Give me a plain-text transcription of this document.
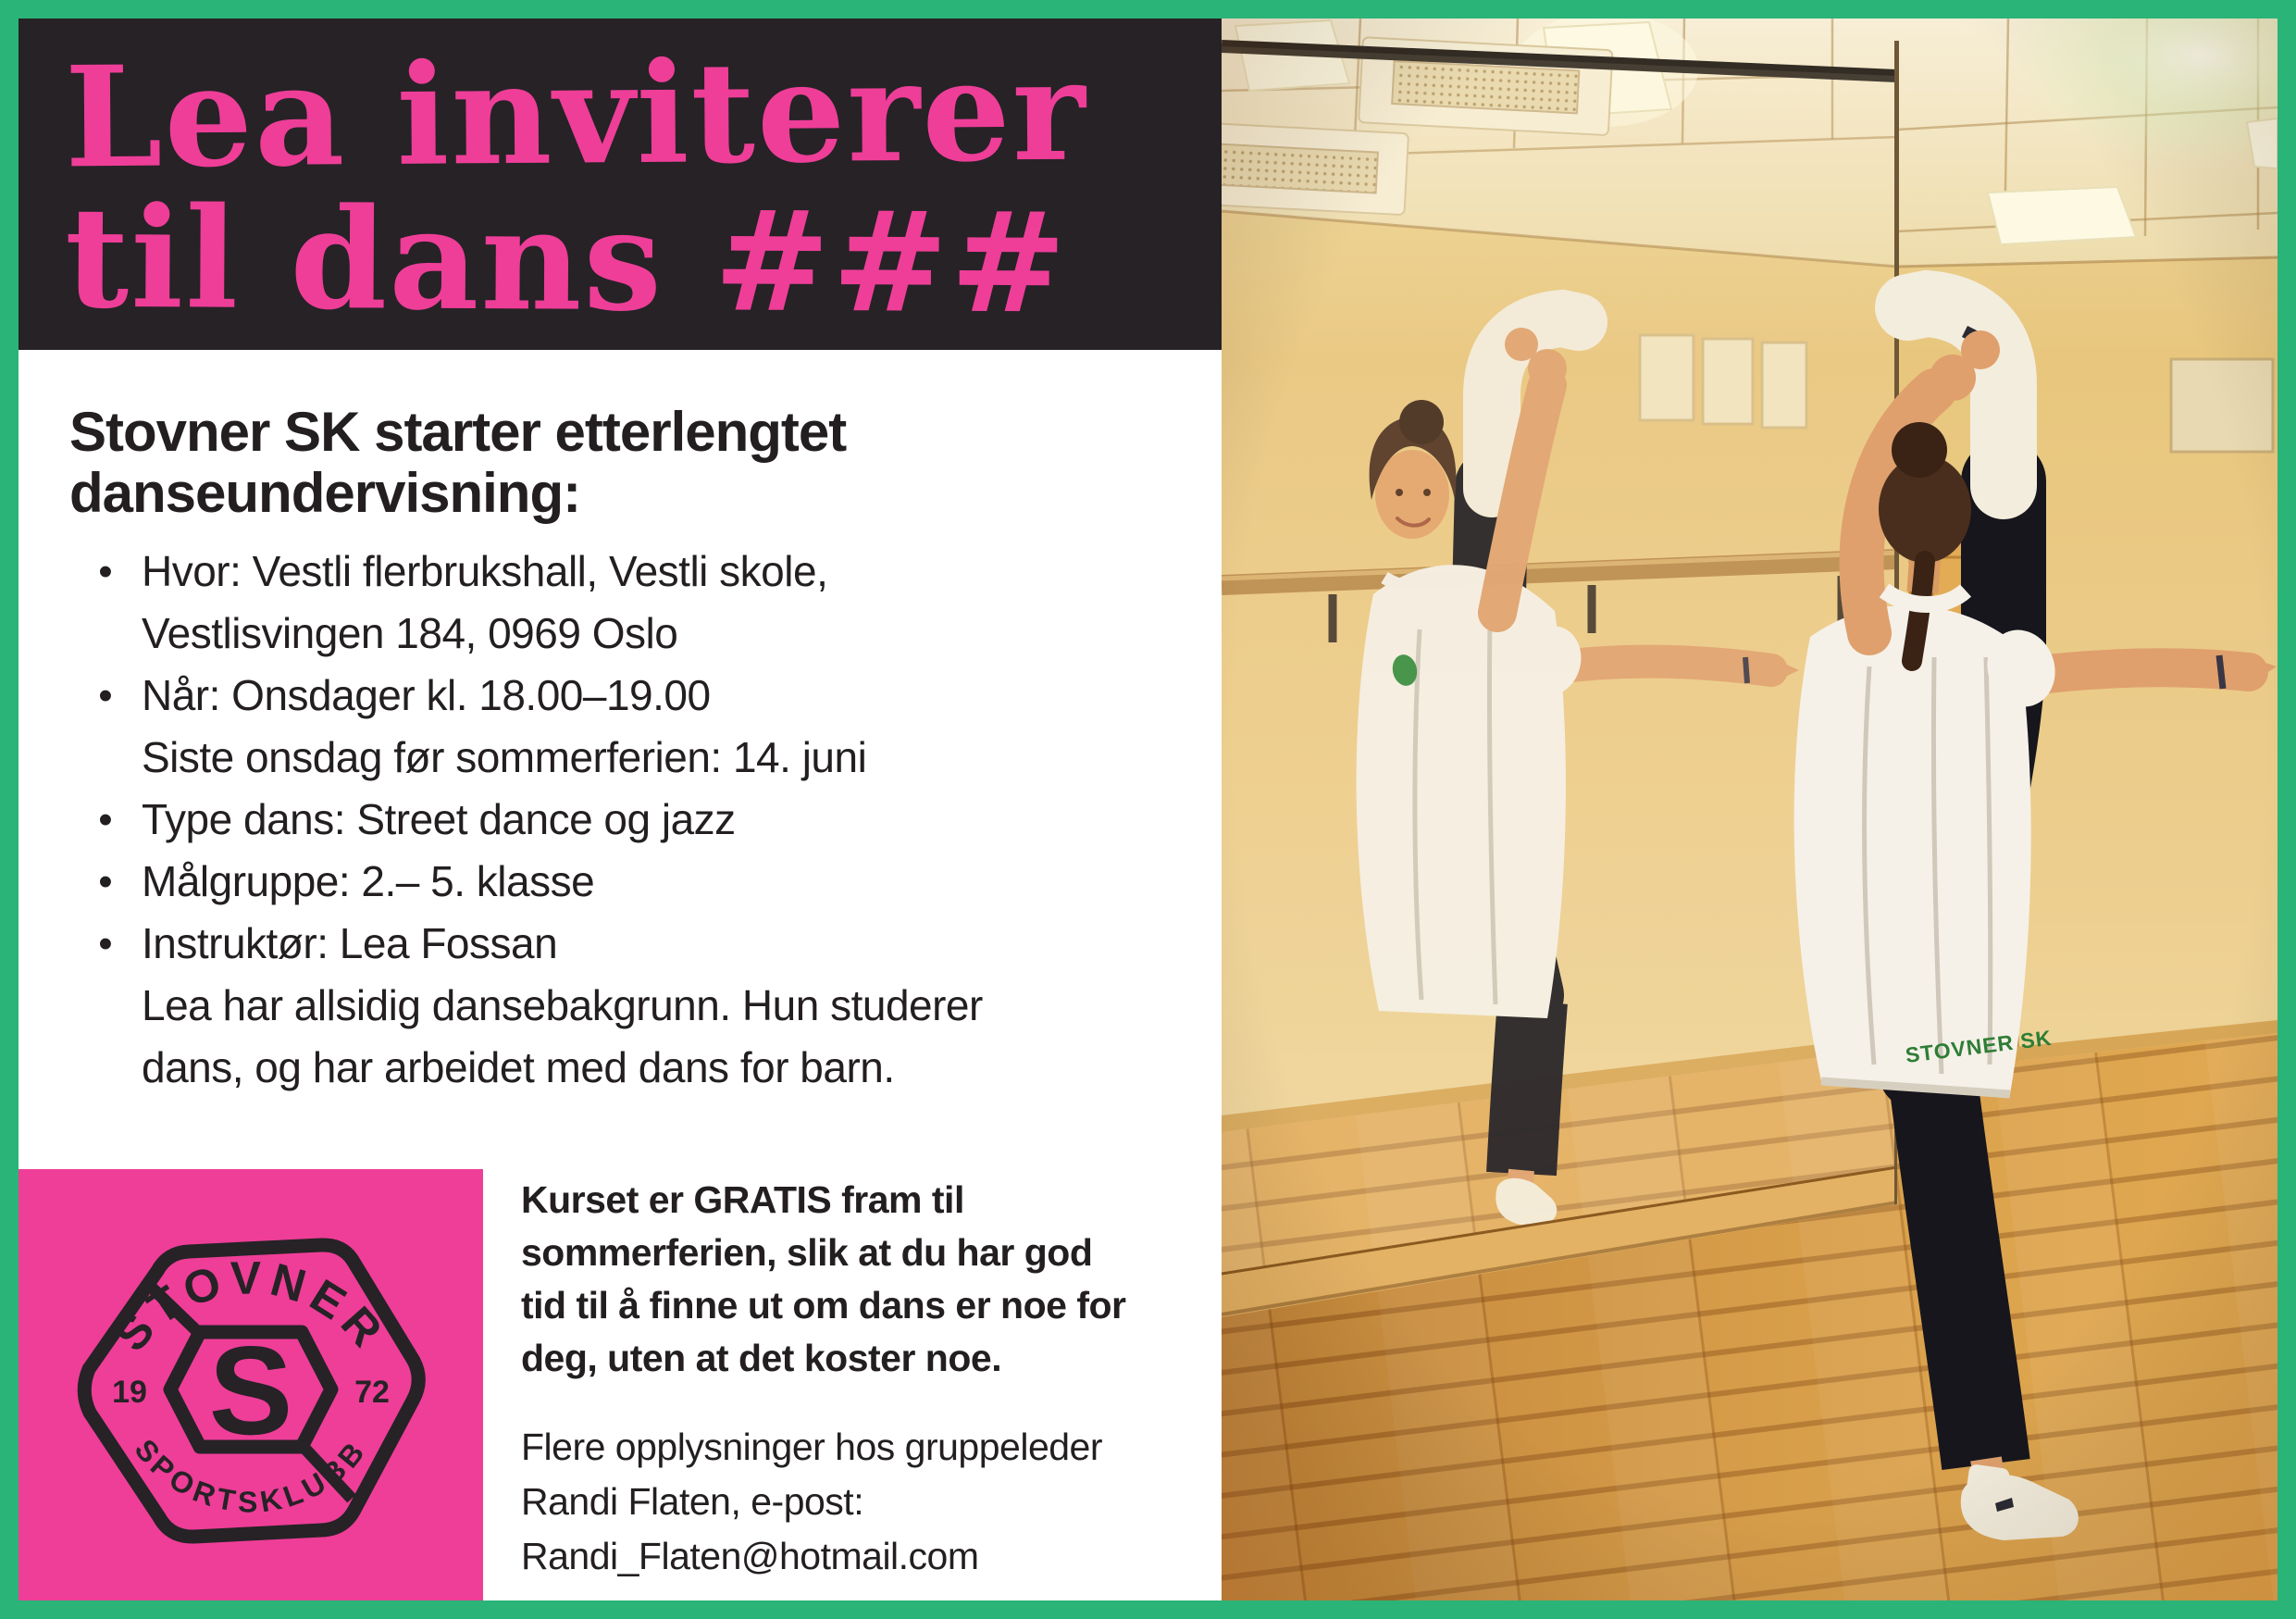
Lea inviterer
til dans ###
Stovner SK starter etterlengtet
danseundervisning:
• Hvor: Vestli flerbrukshall, Vestli skole,
Vestlisvingen 184, 0969 Oslo
• Når: Onsdager kl. 18.00–19.00
Siste onsdag før sommerferien: 14. juni
• Type dans: Street dance og jazz
• Målgruppe: 2.– 5. klasse
• Instruktør: Lea Fossan
Lea har allsidig dansebakgrunn. Hun studerer
dans, og har arbeidet med dans for barn.
S
STOVNER
SPORTSKLUBB
19	72
Kurset er GRATIS fram til
sommerferien, slik at du har god
tid til å finne ut om dans er noe for
deg, uten at det koster noe.
Flere opplysninger hos gruppeleder
Randi Flaten, e-post:
Randi_Flaten@hotmail.com
